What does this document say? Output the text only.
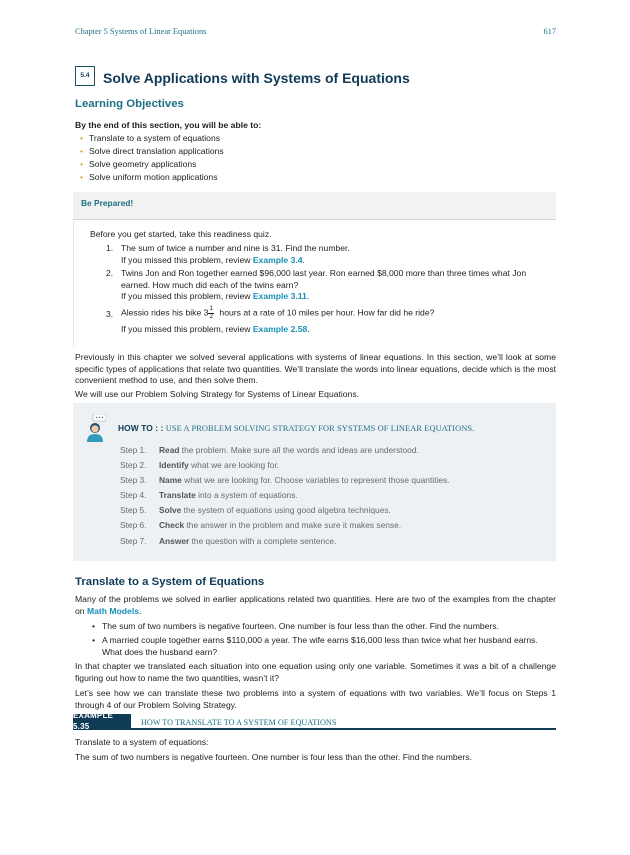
Chapter 5 Systems of Linear Equations	617
5.4 Solve Applications with Systems of Equations
Learning Objectives
By the end of this section, you will be able to:
• Translate to a system of equations
• Solve direct translation applications
• Solve geometry applications
• Solve uniform motion applications
Be Prepared!
Before you get started, take this readiness quiz.
1. The sum of twice a number and nine is 31. Find the number.
If you missed this problem, review Example 3.4.
2. Twins Jon and Ron together earned $96,000 last year. Ron earned $8,000 more than three times what Jon earned. How much did each of the twins earn?
If you missed this problem, review Example 3.11.
3. Alessio rides his bike $3 \frac{1}{2}$ hours at a rate of 10 miles per hour. How far did he ride?
If you missed this problem, review Example 2.58.
Previously in this chapter we solved several applications with systems of linear equations. In this section, we’ll look at some specific types of applications that relate two quantities. We’ll translate the words into linear equations, decide which is the most convenient method to use, and then solve them.
We will use our Problem Solving Strategy for Systems of Linear Equations.
HOW TO : : USE A PROBLEM SOLVING STRATEGY FOR SYSTEMS OF LINEAR EQUATIONS.
Step 1.	Read the problem. Make sure all the words and ideas are understood.
Step 2.	Identify what we are looking for.
Step 3.	Name what we are looking for. Choose variables to represent those quantities.
Step 4.	Translate into a system of equations.
Step 5.	Solve the system of equations using good algebra techniques.
Step 6.	Check the answer in the problem and make sure it makes sense.
Step 7.	Answer the question with a complete sentence.
Translate to a System of Equations
Many of the problems we solved in earlier applications related two quantities. Here are two of the examples from the chapter on Math Models.
• The sum of two numbers is negative fourteen. One number is four less than the other. Find the numbers.
• A married couple together earns $110,000 a year. The wife earns $16,000 less than twice what her husband earns. What does the husband earn?
In that chapter we translated each situation into one equation using only one variable. Sometimes it was a bit of a challenge figuring out how to name the two quantities, wasn’t it?
Let’s see how we can translate these two problems into a system of equations with two variables. We’ll focus on Steps 1 through 4 of our Problem Solving Strategy.
EXAMPLE 5.35	HOW TO TRANSLATE TO A SYSTEM OF EQUATIONS
Translate to a system of equations:
The sum of two numbers is negative fourteen. One number is four less than the other. Find the numbers.
